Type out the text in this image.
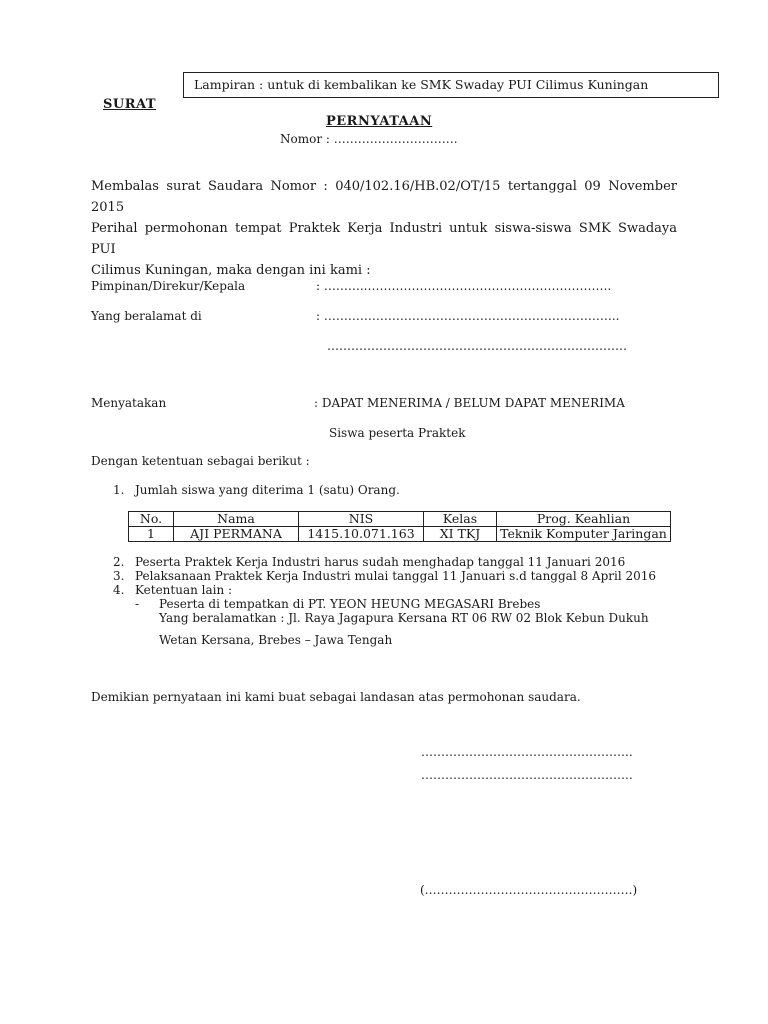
Lampiran : untuk di kembalikan ke SMK Swaday PUI Cilimus Kuningan
SURAT
PERNYATAAN
Nomor : ………………………….
Membalas surat Saudara Nomor : 040/102.16/HB.02/OT/15 tertanggal 09 November 2015
Perihal permohonan tempat Praktek Kerja Industri untuk siswa-siswa SMK Swadaya PUI
Cilimus Kuningan, maka dengan ini kami :
Pimpinan/Direkur/Kepala	: ………..…………………………………………………….
Yang beralamat di	: ………………………………………………………………..
…………………………………………………………………
Menyatakan	: DAPAT MENERIMA / BELUM DAPAT MENERIMA
Siswa peserta Praktek
Dengan ketentuan sebagai berikut :
1. Jumlah siswa yang diterima 1 (satu) Orang.
No.	Nama	NIS	Kelas	Prog. Keahlian
1	AJI PERMANA	1415.10.071.163	XI TKJ	Teknik Komputer Jaringan
2. Peserta Praktek Kerja Industri harus sudah menghadap tanggal 11 Januari 2016
3. Pelaksanaan Praktek Kerja Industri mulai tanggal 11 Januari s.d tanggal 8 April 2016
4. Ketentuan lain :
- Peserta di tempatkan di PT. YEON HEUNG MEGASARI Brebes
Yang beralamatkan : Jl. Raya Jagapura Kersana RT 06 RW 02 Blok Kebun Dukuh
Wetan Kersana, Brebes – Jawa Tengah
Demikian pernyataan ini kami buat sebagai landasan atas permohonan saudara.
……………………………………………..
……………………………………………..
(…………………………………………….)
